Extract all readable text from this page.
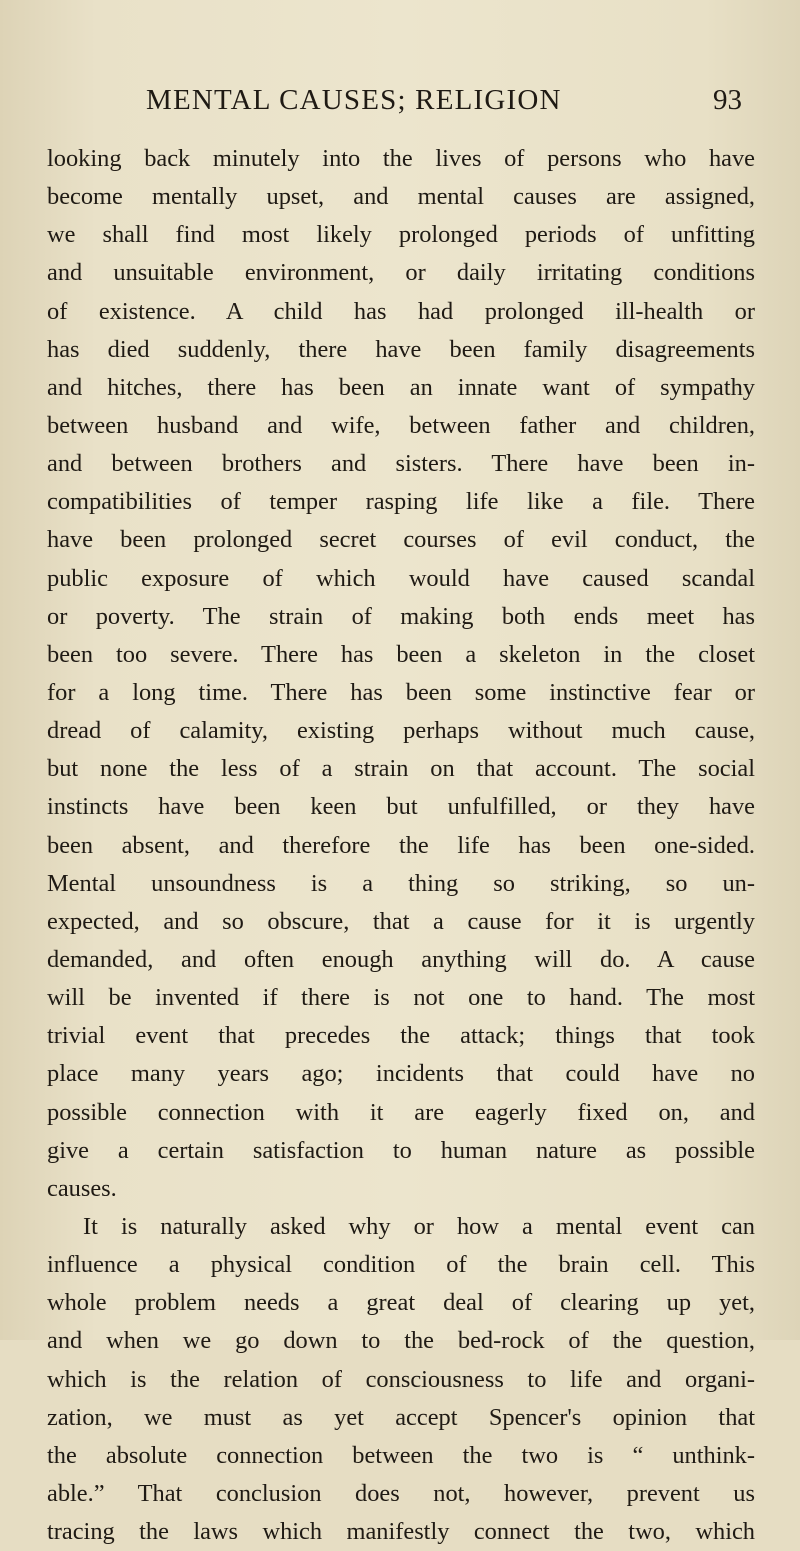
MENTAL CAUSES; RELIGION	93
looking back minutely into the lives of persons who have
become mentally upset, and mental causes are assigned,
we shall find most likely prolonged periods of unfitting
and unsuitable environment, or daily irritating conditions
of existence. A child has had prolonged ill-health or
has died suddenly, there have been family disagreements
and hitches, there has been an innate want of sympathy
between husband and wife, between father and children,
and between brothers and sisters. There have been in-
compatibilities of temper rasping life like a file. There
have been prolonged secret courses of evil conduct, the
public exposure of which would have caused scandal
or poverty. The strain of making both ends meet has
been too severe. There has been a skeleton in the closet
for a long time. There has been some instinctive fear or
dread of calamity, existing perhaps without much cause,
but none the less of a strain on that account. The social
instincts have been keen but unfulfilled, or they have
been absent, and therefore the life has been one-sided.
Mental unsoundness is a thing so striking, so un-
expected, and so obscure, that a cause for it is urgently
demanded, and often enough anything will do. A cause
will be invented if there is not one to hand. The most
trivial event that precedes the attack; things that took
place many years ago; incidents that could have no
possible connection with it are eagerly fixed on, and
give a certain satisfaction to human nature as possible
causes.
It is naturally asked why or how a mental event can
influence a physical condition of the brain cell. This
whole problem needs a great deal of clearing up yet,
and when we go down to the bed-rock of the question,
which is the relation of consciousness to life and organi-
zation, we must as yet accept Spencer's opinion that
the absolute connection between the two is “ unthink-
able.” That conclusion does not, however, prevent us
tracing the laws which manifestly connect the two, which
